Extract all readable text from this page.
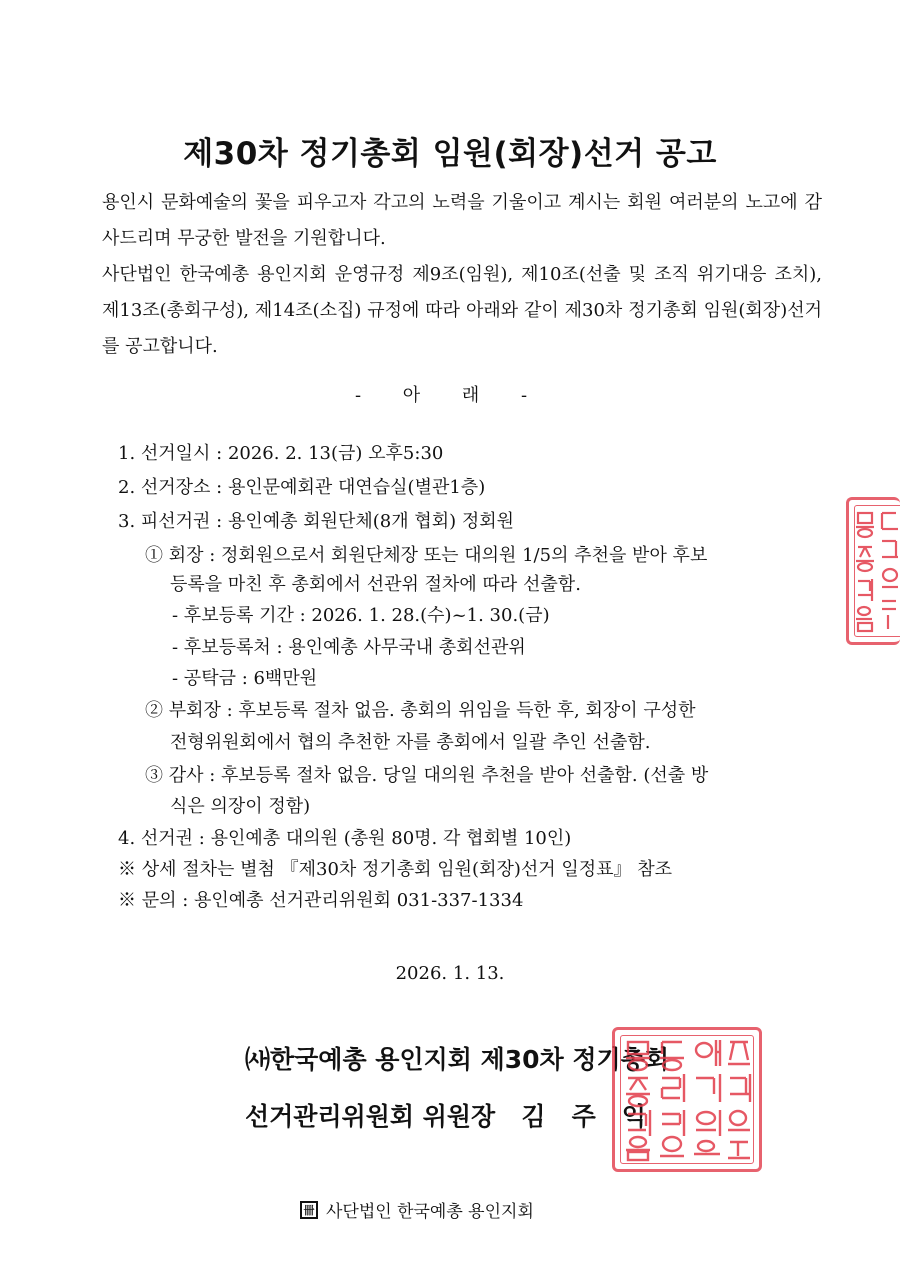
제30차 정기총회 임원(회장)선거 공고
용인시 문화예술의 꽃을 피우고자 각고의 노력을 기울이고 계시는 회원 여러분의 노고에 감사드리며 무궁한 발전을 기원합니다.
사단법인 한국예총 용인지회 운영규정 제9조(임원), 제10조(선출 및 조직 위기대응 조치), 제13조(총회구성), 제14조(소집) 규정에 따라 아래와 같이 제30차 정기총회 임원(회장)선거를 공고합니다.
- 아 래 -
1. 선거일시 : 2026. 2. 13(금) 오후5:30
2. 선거장소 : 용인문예회관 대연습실(별관1층)
3. 피선거권 : 용인예총 회원단체(8개 협회) 정회원
① 회장 : 정회원으로서 회원단체장 또는 대의원 1/5의 추천을 받아 후보
등록을 마친 후 총회에서 선관위 절차에 따라 선출함.
- 후보등록 기간 : 2026. 1. 28.(수)~1. 30.(금)
- 후보등록처 : 용인예총 사무국내 총회선관위
- 공탁금 : 6백만원
② 부회장 : 후보등록 절차 없음. 총회의 위임을 득한 후, 회장이 구성한
전형위원회에서 협의 추천한 자를 총회에서 일괄 추인 선출함.
③ 감사 : 후보등록 절차 없음. 당일 대의원 추천을 받아 선출함. (선출 방
식은 의장이 정함)
4. 선거권 : 용인예총 대의원 (총원 80명. 각 협회별 10인)
※ 상세 절차는 별첨 『제30차 정기총회 임원(회장)선거 일정표』 참조
※ 문의 : 용인예총 선거관리위원회 031-337-1334
2026. 1. 13.
㈔한국예총 용인지회 제30차 정기총회
선거관리위원회 위원장   김   주   익
卌 사단법인 한국예총 용인지회
